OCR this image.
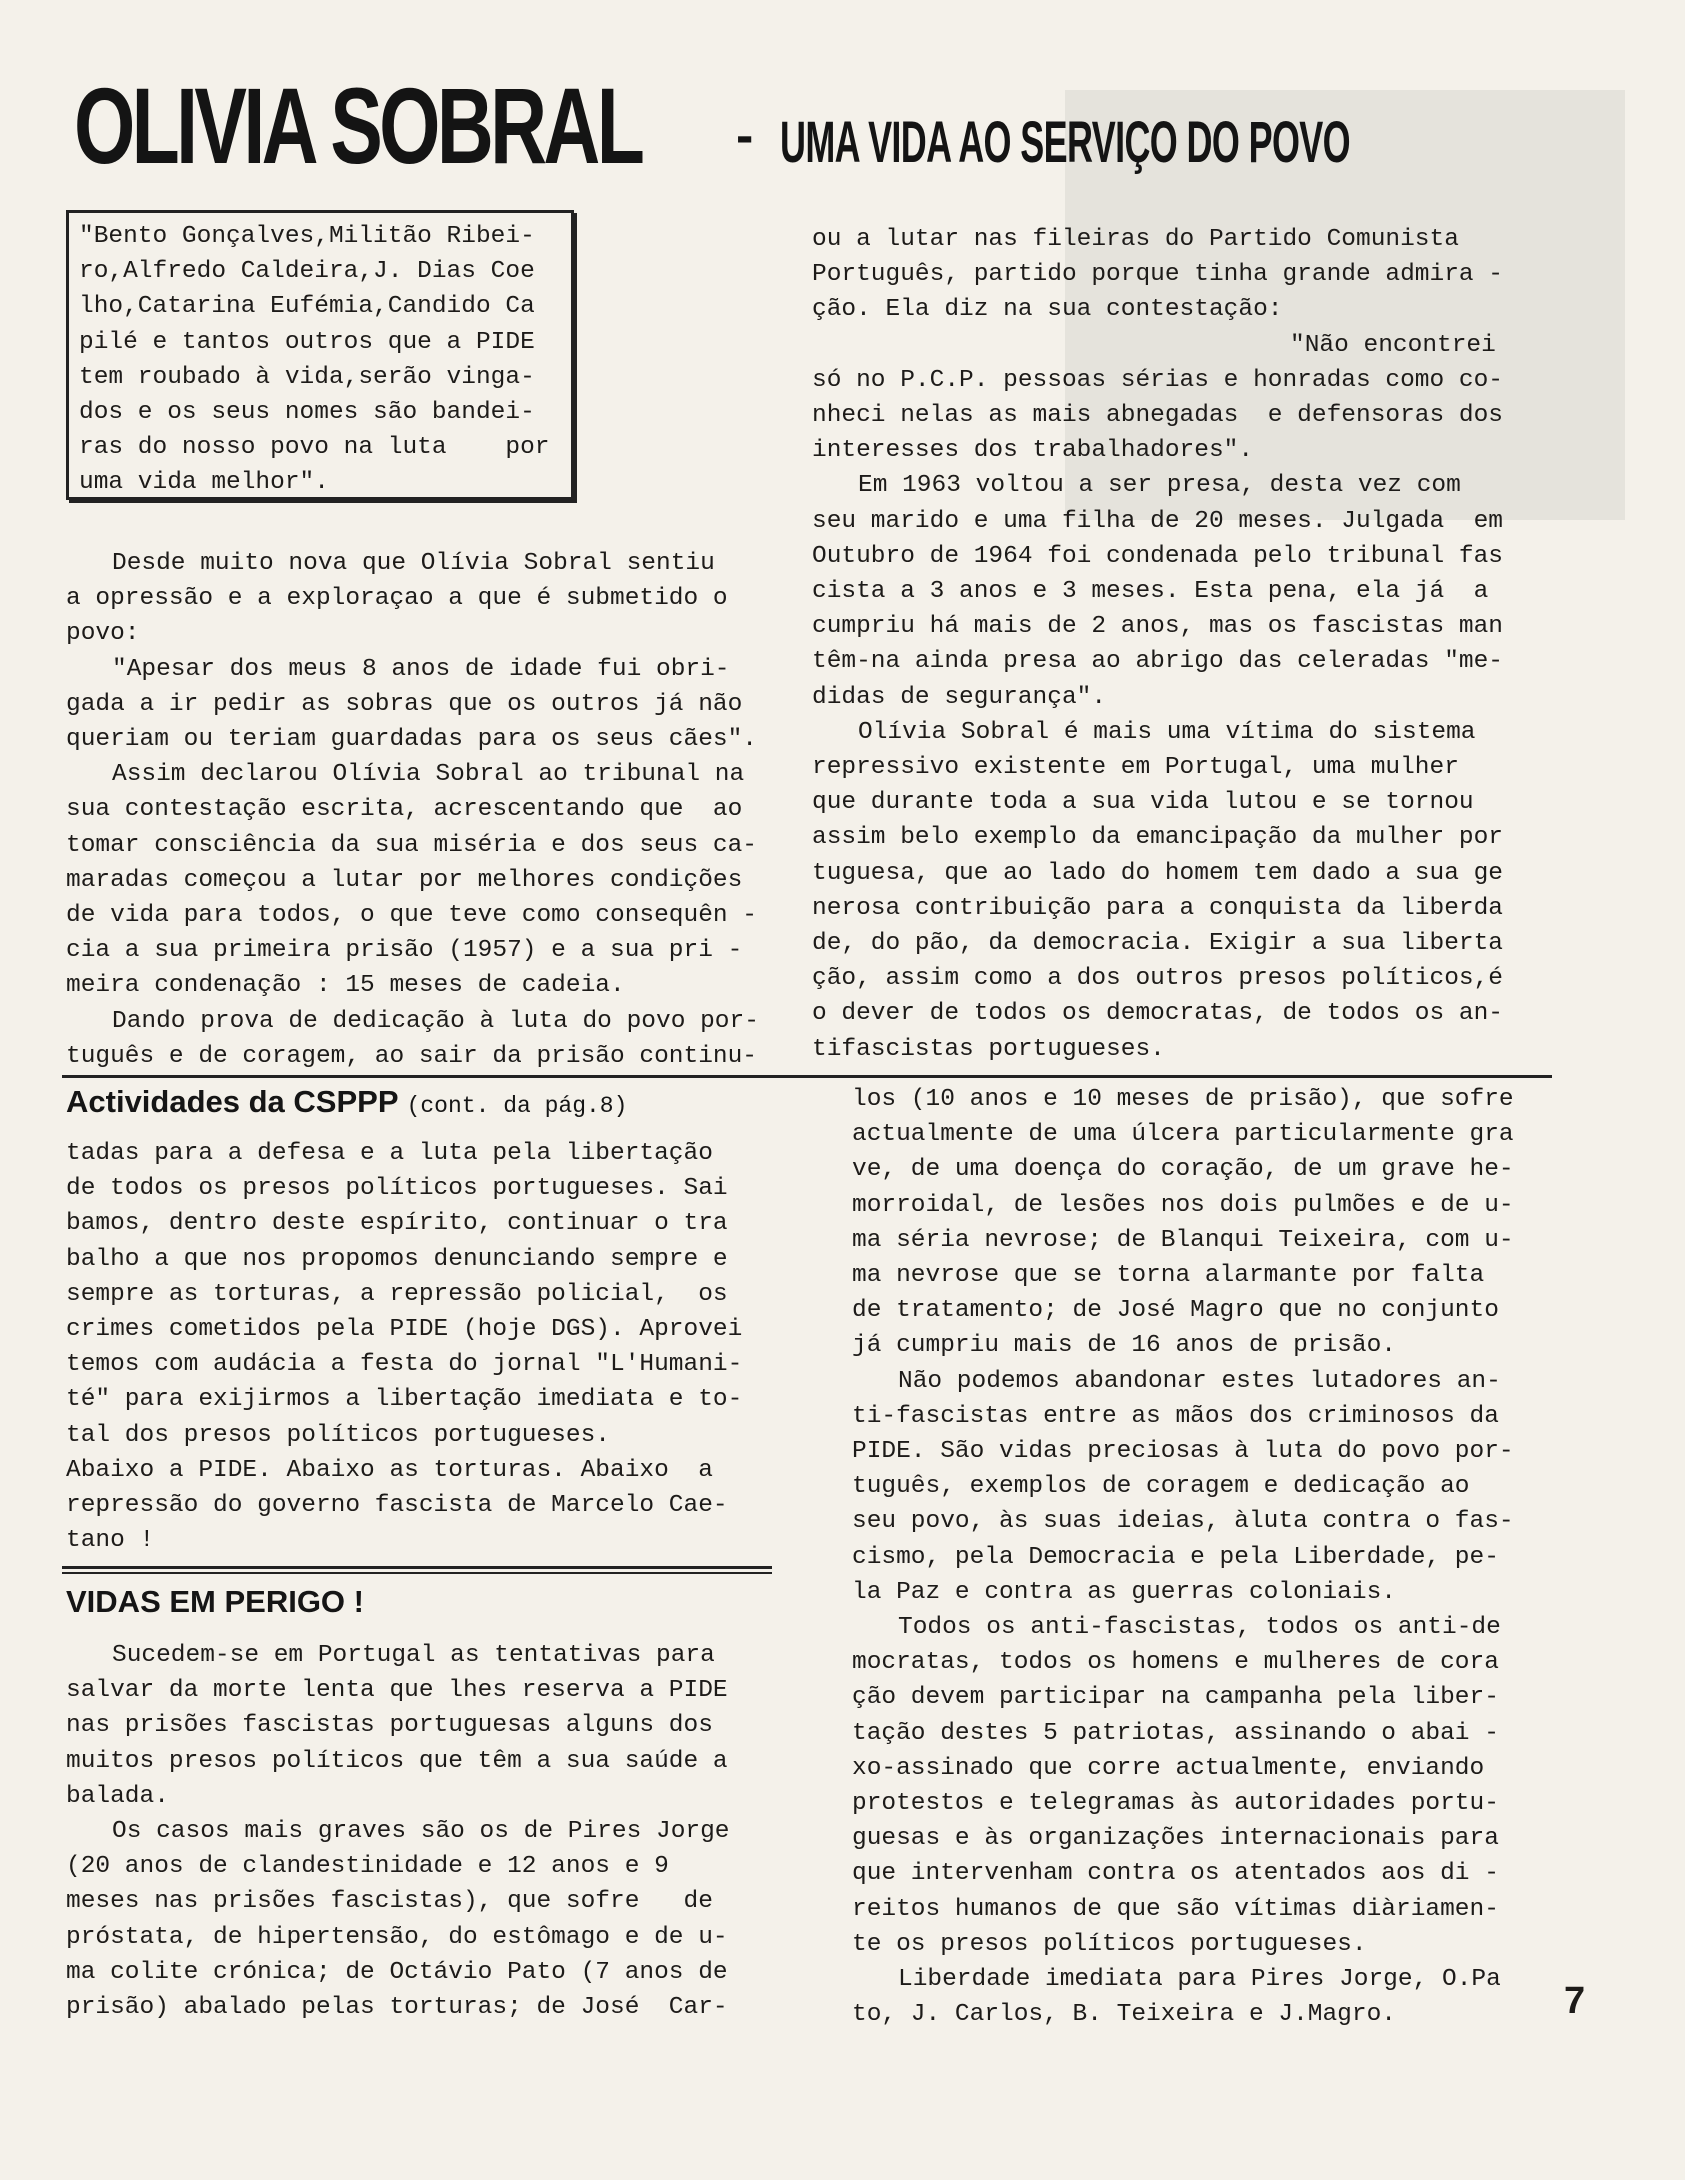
OLIVIA SOBRAL - UMA VIDA AO SERVIÇO DO POVO

"Bento Gonçalves,Militão Ribei-

ro,Alfredo Caldeira,J. Dias Coe

lho,Catarina Eufémia,Candido Ca

pilé e tantos outros que a PIDE

tem roubado à vida,serão vinga-

dos e os seus nomes são bandei-

ras do nosso povo na luta    por

uma vida melhor".

Desde muito nova que Olívia Sobral sentiu

a opressão e a exploraçao a que é submetido o

povo:

"Apesar dos meus 8 anos de idade fui obri-

gada a ir pedir as sobras que os outros já não

queriam ou teriam guardadas para os seus cães".

Assim declarou Olívia Sobral ao tribunal na

sua contestação escrita, acrescentando que  ao

tomar consciência da sua miséria e dos seus ca-

maradas começou a lutar por melhores condições

de vida para todos, o que teve como consequên -

cia a sua primeira prisão (1957) e a sua pri -

meira condenação : 15 meses de cadeia.

Dando prova de dedicação à luta do povo por-

tuguês e de coragem, ao sair da prisão continu-

ou a lutar nas fileiras do Partido Comunista

Português, partido porque tinha grande admira -

ção. Ela diz na sua contestação:

"Não encontrei

só no P.C.P. pessoas sérias e honradas como co-

nheci nelas as mais abnegadas  e defensoras dos

interesses dos trabalhadores".

Em 1963 voltou a ser presa, desta vez com

seu marido e uma filha de 20 meses. Julgada  em

Outubro de 1964 foi condenada pelo tribunal fas

cista a 3 anos e 3 meses. Esta pena, ela já  a

cumpriu há mais de 2 anos, mas os fascistas man

têm-na ainda presa ao abrigo das celeradas "me-

didas de segurança".

Olívia Sobral é mais uma vítima do sistema

repressivo existente em Portugal, uma mulher

que durante toda a sua vida lutou e se tornou

assim belo exemplo da emancipação da mulher por

tuguesa, que ao lado do homem tem dado a sua ge

nerosa contribuição para a conquista da liberda

de, do pão, da democracia. Exigir a sua liberta

ção, assim como a dos outros presos políticos,é

o dever de todos os democratas, de todos os an-

tifascistas portugueses.

Actividades da CSPPP (cont. da pág.8)

tadas para a defesa e a luta pela libertação

de todos os presos políticos portugueses. Sai

bamos, dentro deste espírito, continuar o tra

balho a que nos propomos denunciando sempre e

sempre as torturas, a repressão policial,  os

crimes cometidos pela PIDE (hoje DGS). Aprovei

temos com audácia a festa do jornal "L'Humani-

té" para exijirmos a libertação imediata e to-

tal dos presos políticos portugueses.

Abaixo a PIDE. Abaixo as torturas. Abaixo  a

repressão do governo fascista de Marcelo Cae-

tano !

VIDAS EM PERIGO !

Sucedem-se em Portugal as tentativas para

salvar da morte lenta que lhes reserva a PIDE

nas prisões fascistas portuguesas alguns dos

muitos presos políticos que têm a sua saúde a

balada.

Os casos mais graves são os de Pires Jorge

(20 anos de clandestinidade e 12 anos e 9

meses nas prisões fascistas), que sofre   de

próstata, de hipertensão, do estômago e de u-

ma colite crónica; de Octávio Pato (7 anos de

prisão) abalado pelas torturas; de José  Car-

los (10 anos e 10 meses de prisão), que sofre

actualmente de uma úlcera particularmente gra

ve, de uma doença do coração, de um grave he-

morroidal, de lesões nos dois pulmões e de u-

ma séria nevrose; de Blanqui Teixeira, com u-

ma nevrose que se torna alarmante por falta

de tratamento; de José Magro que no conjunto

já cumpriu mais de 16 anos de prisão.

Não podemos abandonar estes lutadores an-

ti-fascistas entre as mãos dos criminosos da

PIDE. São vidas preciosas à luta do povo por-

tuguês, exemplos de coragem e dedicação ao

seu povo, às suas ideias, àluta contra o fas-

cismo, pela Democracia e pela Liberdade, pe-

la Paz e contra as guerras coloniais.

Todos os anti-fascistas, todos os anti-de

mocratas, todos os homens e mulheres de cora

ção devem participar na campanha pela liber-

tação destes 5 patriotas, assinando o abai -

xo-assinado que corre actualmente, enviando

protestos e telegramas às autoridades portu-

guesas e às organizações internacionais para

que intervenham contra os atentados aos di -

reitos humanos de que são vítimas diàriamen-

te os presos políticos portugueses.

Liberdade imediata para Pires Jorge, O.Pa

to, J. Carlos, B. Teixeira e J.Magro.	7
